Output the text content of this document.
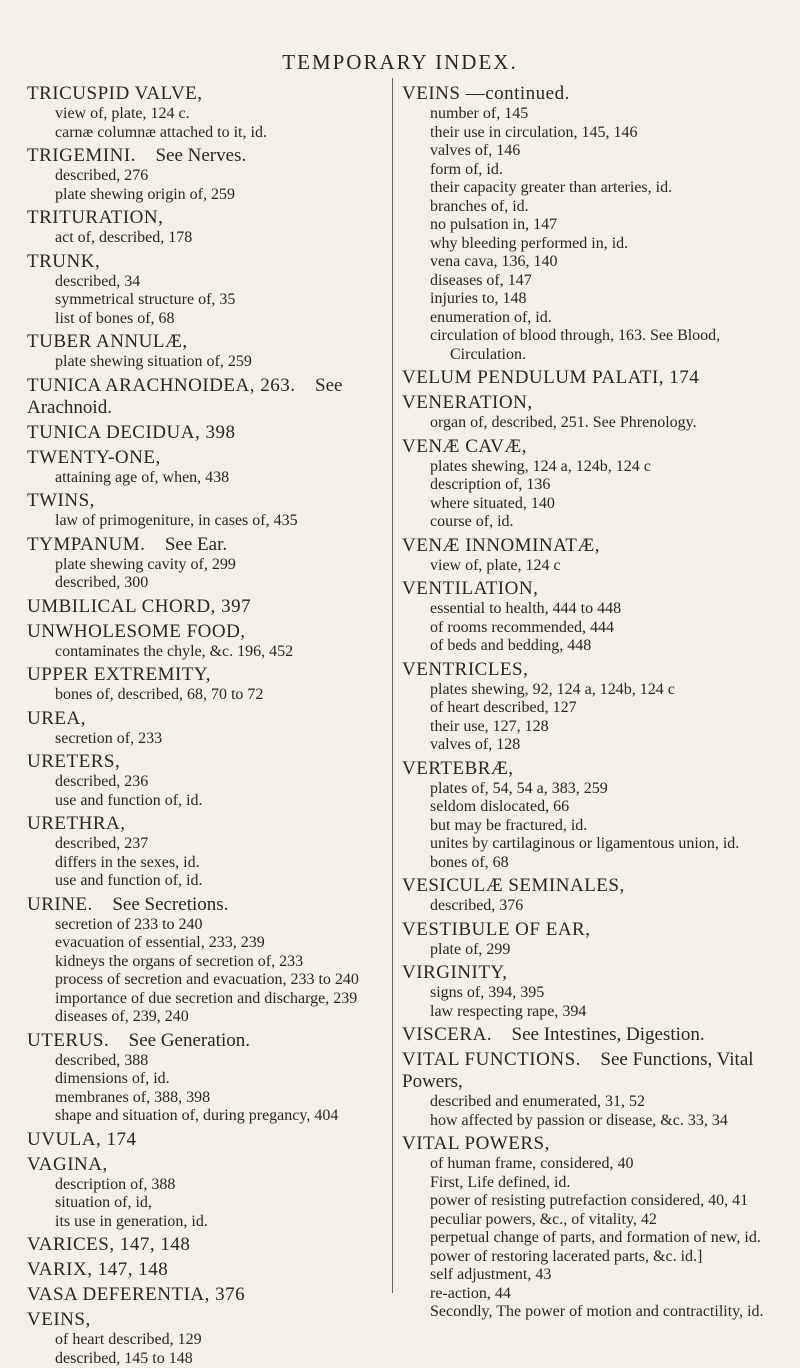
TEMPORARY INDEX.
TRICUSPID VALVE,
view of, plate, 124 c.
carnæ columnæ attached to it, id.
TRIGEMINI.  See Nerves.
described, 276
plate shewing origin of, 259
TRITURATION,
act of, described, 178
TRUNK,
described, 34
symmetrical structure of, 35
list of bones of, 68
TUBER ANNULÆ,
plate shewing situation of, 259
TUNICA ARACHNOIDEA, 263.  See Arachnoid.
TUNICA DECIDUA, 398
TWENTY-ONE,
attaining age of, when, 438
TWINS,
law of primogeniture, in cases of, 435
TYMPANUM.  See Ear.
plate shewing cavity of, 299
described, 300
UMBILICAL CHORD, 397
UNWHOLESOME FOOD,
contaminates the chyle, &c. 196, 452
UPPER EXTREMITY,
bones of, described, 68, 70 to 72
UREA,
secretion of, 233
URETERS,
described, 236
use and function of, id.
URETHRA,
described, 237
differs in the sexes, id.
use and function of, id.
URINE.  See Secretions.
secretion of 233 to 240
evacuation of essential, 233, 239
kidneys the organs of secretion of, 233
process of secretion and evacuation, 233 to 240
importance of due secretion and discharge, 239
diseases of, 239, 240
UTERUS.  See Generation.
described, 388
dimensions of, id.
membranes of, 388, 398
shape and situation of, during pregancy, 404
UVULA, 174
VAGINA,
description of, 388
situation of, id,
its use in generation, id.
VARICES, 147, 148
VARIX, 147, 148
VASA DEFERENTIA, 376
VEINS,
of heart described, 129
described, 145 to 148
VEINS —continued.
number of, 145
their use in circulation, 145, 146
valves of, 146
form of, id.
their capacity greater than arteries, id.
branches of, id.
no pulsation in, 147
why bleeding performed in, id.
vena cava, 136, 140
diseases of, 147
injuries to, 148
enumeration of, id.
circulation of blood through, 163. See Blood, Circulation.
VELUM PENDULUM PALATI, 174
VENERATION,
organ of, described, 251. See Phrenology.
VENÆ CAVÆ,
plates shewing, 124 a, 124b, 124 c
description of, 136
where situated, 140
course of, id.
VENÆ INNOMINATÆ,
view of, plate, 124 c
VENTILATION,
essential to health, 444 to 448
of rooms recommended, 444
of beds and bedding, 448
VENTRICLES,
plates shewing, 92, 124 a, 124b, 124 c
of heart described, 127
their use, 127, 128
valves of, 128
VERTEBRÆ,
plates of, 54, 54 a, 383, 259
seldom dislocated, 66
but may be fractured, id.
unites by cartilaginous or ligamentous union, id.
bones of, 68
VESICULÆ SEMINALES,
described, 376
VESTIBULE OF EAR,
plate of, 299
VIRGINITY,
signs of, 394, 395
law respecting rape, 394
VISCERA.  See Intestines, Digestion.
VITAL FUNCTIONS.  See Functions, Vital Powers,
described and enumerated, 31, 52
how affected by passion or disease, &c. 33, 34
VITAL POWERS,
of human frame, considered, 40
First, Life defined, id.
power of resisting putrefaction considered, 40, 41
peculiar powers, &c., of vitality, 42
perpetual change of parts, and formation of new, id.
power of restoring lacerated parts, &c. id.]
self adjustment, 43
re-action, 44
Secondly, The power of motion and contractility, id.
